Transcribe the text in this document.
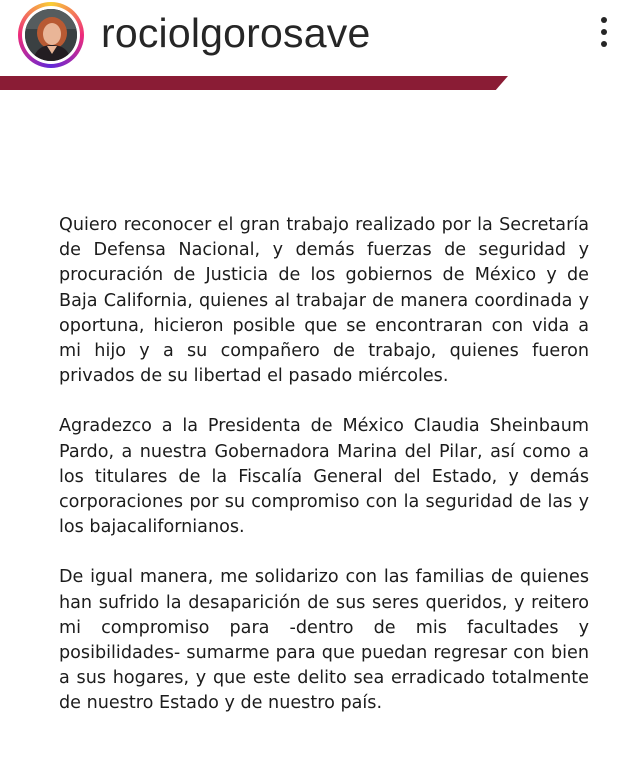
rociolgorosave

Quiero reconocer el gran trabajo realizado por la Secretaría de Defensa Nacional, y demás fuerzas de seguridad y procuración de Justicia de los gobiernos de México y de Baja California, quienes al trabajar de manera coordinada y oportuna, hicieron posible que se encontraran con vida a mi hijo y a su compañero de trabajo, quienes fueron privados de su libertad el pasado miércoles.

Agradezco a la Presidenta de México Claudia Sheinbaum Pardo, a nuestra Gobernadora Marina del Pilar, así como a los titulares de la Fiscalía General del Estado, y demás corporaciones por su compromiso con la seguridad de las y los bajacalifornianos.

De igual manera, me solidarizo con las familias de quienes han sufrido la desaparición de sus seres queridos, y reitero mi compromiso para -dentro de mis facultades y posibilidades- sumarme para que puedan regresar con bien a sus hogares, y que este delito sea erradicado totalmente de nuestro Estado y de nuestro país.
